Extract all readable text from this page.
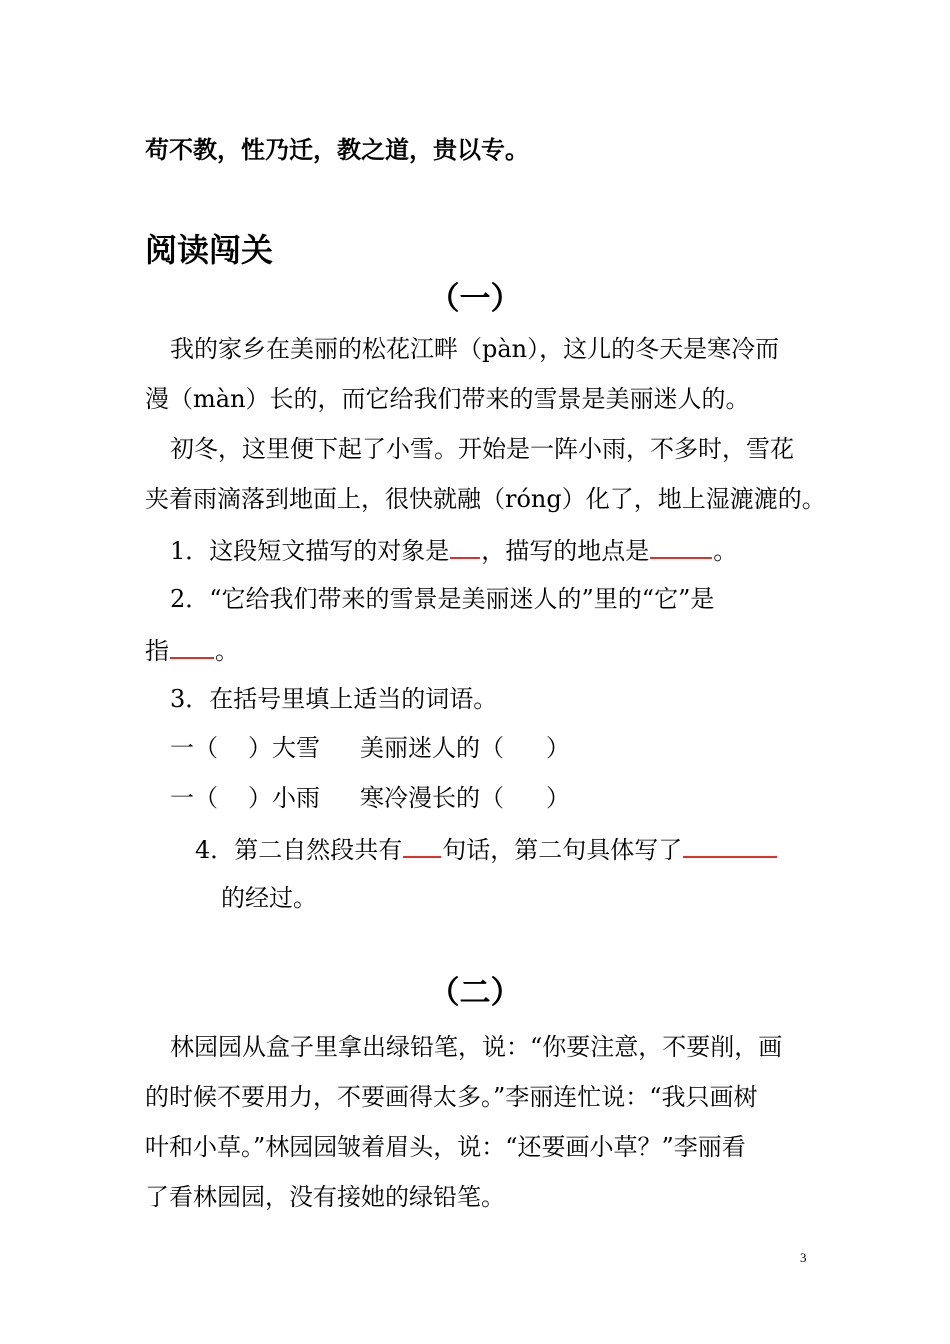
苟不教，性乃迁，教之道，贵以专。
阅读闯关
（一）
我的家乡在美丽的松花江畔（pàn），这儿的冬天是寒冷而
漫（màn）长的，而它给我们带来的雪景是美丽迷人的。
初冬，这里便下起了小雪。开始是一阵小雨，不多时，雪花
夹着雨滴落到地面上，很快就融（róng）化了，地上湿漉漉的。
1．这段短文描写的对象是 ，描写的地点是	。
2．“它给我们带来的雪景是美丽迷人的”里的“它”是
指 。
3．在括号里填上适当的词语。
一（ ）大雪 美丽迷人的（ ）
一（ ）小雨 寒冷漫长的（ ）
4．第二自然段共有 句话，第二句具体写了
的经过。
（二）
林园园从盒子里拿出绿铅笔，说：“你要注意，不要削，画
的时候不要用力，不要画得太多。”李丽连忙说：“我只画树
叶和小草。”林园园皱着眉头，说：“还要画小草？”李丽看
了看林园园，没有接她的绿铅笔。
3
